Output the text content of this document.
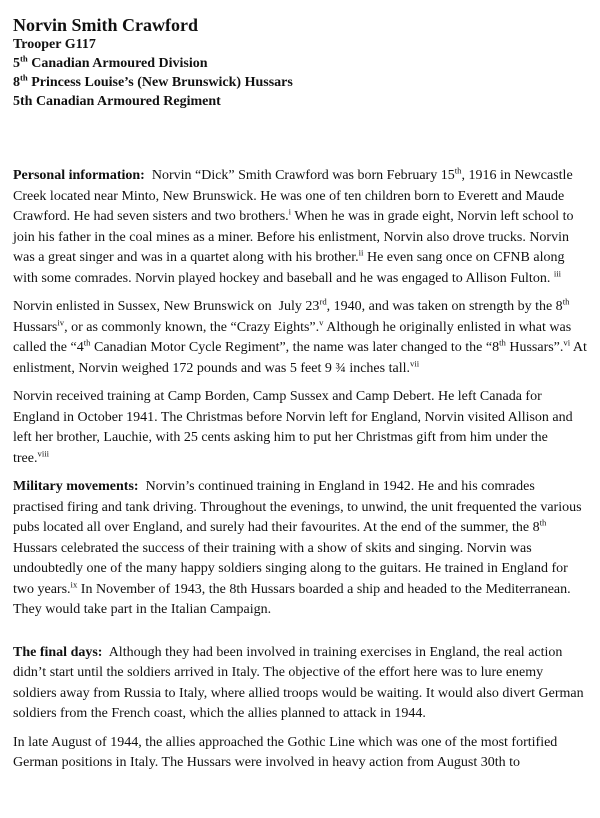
Norvin Smith Crawford
Trooper G117
5th Canadian Armoured Division
8th Princess Louise’s (New Brunswick) Hussars
5th Canadian Armoured Regiment

Personal information:  Norvin “Dick” Smith Crawford was born February 15th, 1916 in Newcastle Creek located near Minto, New Brunswick. He was one of ten children born to Everett and Maude Crawford. He had seven sisters and two brothers.$^i$ When he was in grade eight, Norvin left school to join his father in the coal mines as a miner. Before his enlistment, Norvin also drove trucks. Norvin was a great singer and was in a quartet along with his brother.$^{ii}$ He even sang once on CFNB along with some comrades. Norvin played hockey and baseball and he was engaged to Allison Fulton. $^{iii}$

Norvin enlisted in Sussex, New Brunswick on  July 23rd, 1940, and was taken on strength by the 8th Hussars$^{iv}$, or as commonly known, the “Crazy Eights”.$^v$ Although he originally enlisted in what was called the “4th Canadian Motor Cycle Regiment”, the name was later changed to the “8th Hussars”.$^{vi}$ At enlistment, Norvin weighed 172 pounds and was 5 feet 9 ¾ inches tall.$^{vii}$

Norvin received training at Camp Borden, Camp Sussex and Camp Debert. He left Canada for England in October 1941. The Christmas before Norvin left for England, Norvin visited Allison and left her brother, Lauchie, with 25 cents asking him to put her Christmas gift from him under the tree.$^{viii}$

Military movements:  Norvin’s continued training in England in 1942. He and his comrades practised firing and tank driving. Throughout the evenings, to unwind, the unit frequented the various pubs located all over England, and surely had their favourites. At the end of the summer, the 8th Hussars celebrated the success of their training with a show of skits and singing. Norvin was undoubtedly one of the many happy soldiers singing along to the guitars. He trained in England for two years.$^{ix}$ In November of 1943, the 8th Hussars boarded a ship and headed to the Mediterranean. They would take part in the Italian Campaign.

The final days:  Although they had been involved in training exercises in England, the real action didn’t start until the soldiers arrived in Italy. The objective of the effort here was to lure enemy soldiers away from Russia to Italy, where allied troops would be waiting. It would also divert German soldiers from the French coast, which the allies planned to attack in 1944.

In late August of 1944, the allies approached the Gothic Line which was one of the most fortified German positions in Italy. The Hussars were involved in heavy action from August 30th to
